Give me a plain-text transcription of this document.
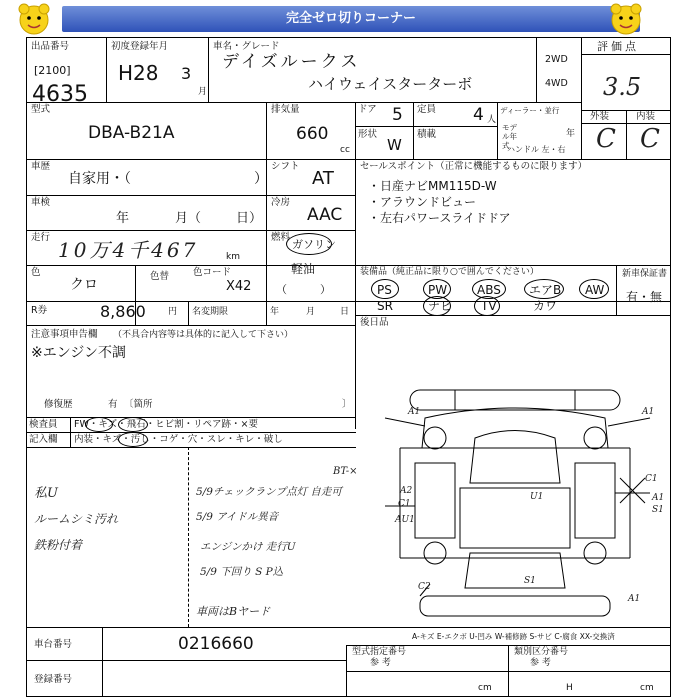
完全ゼロ切りコーナー
出品番号
[2100]
4635
初度登録年月
H28 3
月
車名・グレード
デイズルークス
ハイウェイスターターボ
2WD
4WD
評価点
3.5
外装	内装
C C
型式
DBA-B21A
排気量
660
cc
ドア 5 定員 4 人
形状
W
積載
ディーラー・並行
モデル年式
年
ハンドル 左・右
車歴
自家用・（	）
シフト
AT
車検
年	月（	日）
冷房
AAC
走行
10万4千467	km
燃料
ガソリン
軽油
（　　　）
色
クロ
色替	色コード
X42
R券	8,860 円 名変期限	年	月	日
セールスポイント（正常に機能するものに限ります）
・日産ナビMM115D-W
・アラウンドビュー
・左右パワースライドドア
装備品（純正品に限り○で囲んでください）
PS	PW ABS エアB AW
SR	ナビ TV	カワ
新車保証書
有・無
後日品
注意事項申告欄 （不具合内容等は具体的に記入して下さい）
※エンジン不調
修復歴	有 〔箇所	〕
検査員 FW・キズ・飛石・ヒビ割・リペア跡・×要
記入欄 内装・キズ・汚し・コゲ・穴・スレ・キレ・破し
私U
ルームシミ汚れ
鉄粉付着
BT-×
5/9チェックランプ点灯 自走可
5/9 アイドル異音
エンジンかけ 走行U
5/9 下回り S P込
車両はBヤード
A1	A1
A2
C1
AU1
U1
C1
A1
S1
C2
S1
A1
車台番号	0216660
登録番号
A-キズ E-エクボ U-凹み W-補修跡 S-サビ C-腐食 XX-交換済
型式指定番号
参 考
類別区分番号
参 考
H
cm	cm
